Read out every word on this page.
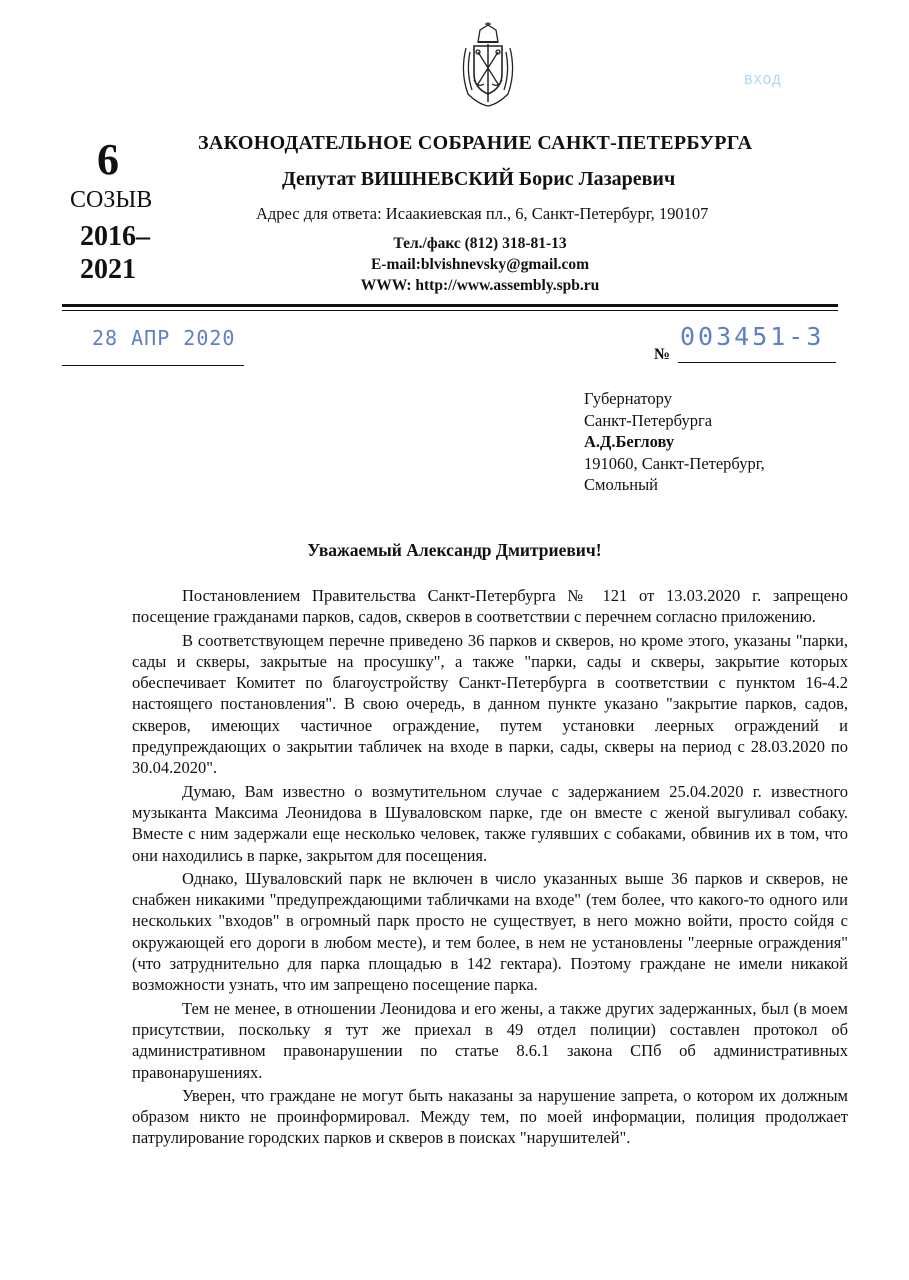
ВХОД
6
СОЗЫВ
2016–
2021
ЗАКОНОДАТЕЛЬНОЕ СОБРАНИЕ САНКТ-ПЕТЕРБУРГА
Депутат ВИШНЕВСКИЙ Борис Лазаревич
Адрес для ответа: Исаакиевская пл., 6, Санкт-Петербург, 190107
Тел./факс (812) 318-81-13
E-mail:blvishnevsky@gmail.com
WWW: http://www.assembly.spb.ru
28 АПР 2020
№
003451-3
Губернатору
Санкт-Петербурга
А.Д.Беглову
191060, Санкт-Петербург,
Смольный
Уважаемый Александр Дмитриевич!

Постановлением Правительства Санкт-Петербурга № 121 от 13.03.2020 г. запрещено посещение гражданами парков, садов, скверов в соответствии с перечнем согласно приложению.

В соответствующем перечне приведено 36 парков и скверов, но кроме этого, указаны "парки, сады и скверы, закрытые на просушку", а также "парки, сады и скверы, закрытие которых обеспечивает Комитет по благоустройству Санкт-Петербурга в соответствии с пунктом 16-4.2 настоящего постановления". В свою очередь, в данном пункте указано "закрытие парков, садов, скверов, имеющих частичное ограждение, путем установки леерных ограждений и предупреждающих о закрытии табличек на входе в парки, сады, скверы на период с 28.03.2020 по 30.04.2020".

Думаю, Вам известно о возмутительном случае с задержанием 25.04.2020 г. известного музыканта Максима Леонидова в Шуваловском парке, где он вместе с женой выгуливал собаку. Вместе с ним задержали еще несколько человек, также гулявших с собаками, обвинив их в том, что они находились в парке, закрытом для посещения.

Однако, Шуваловский парк не включен в число указанных выше 36 парков и скверов, не снабжен никакими "предупреждающими табличками на входе" (тем более, что какого-то одного или нескольких "входов" в огромный парк просто не существует, в него можно войти, просто сойдя с окружающей его дороги в любом месте), и тем более, в нем не установлены "леерные ограждения" (что затруднительно для парка площадью в 142 гектара). Поэтому граждане не имели никакой возможности узнать, что им запрещено посещение парка.

Тем не менее, в отношении Леонидова и его жены, а также других задержанных, был (в моем присутствии, поскольку я тут же приехал в 49 отдел полиции) составлен протокол об административном правонарушении по статье 8.6.1 закона СПб об административных правонарушениях.

Уверен, что граждане не могут быть наказаны за нарушение запрета, о котором их должным образом никто не проинформировал. Между тем, по моей информации, полиция продолжает патрулирование городских парков и скверов в поисках "нарушителей".
